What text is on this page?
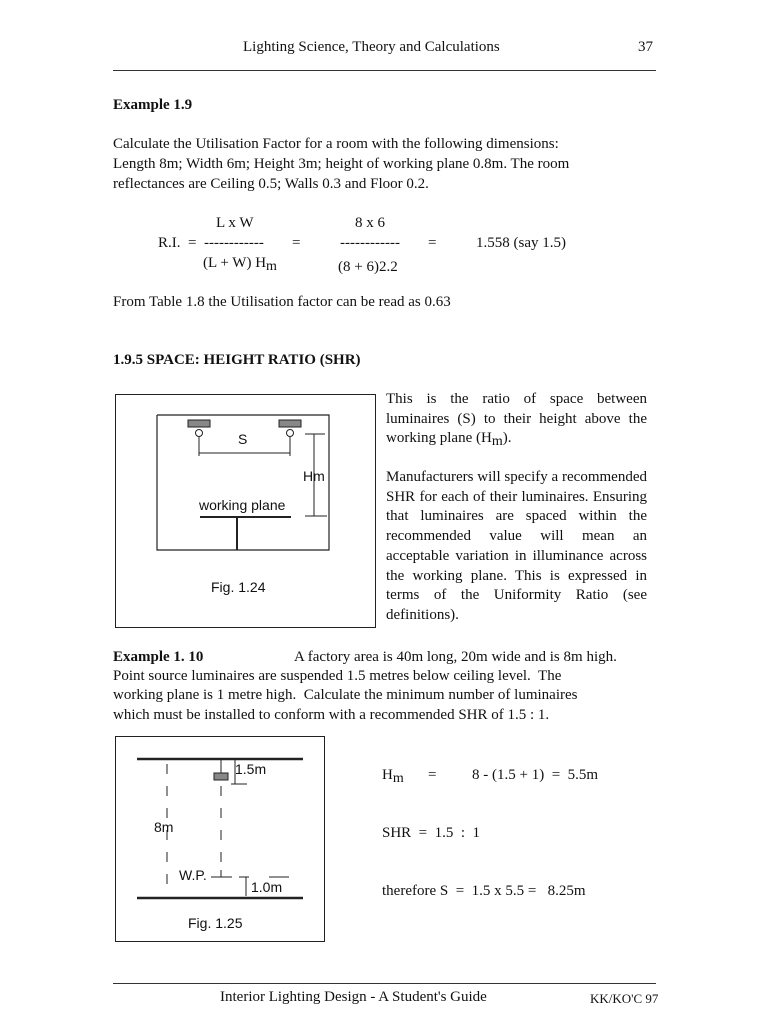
Lighting Science, Theory and Calculations	37
Example 1.9
Calculate the Utilisation Factor for a room with the following dimensions:
Length 8m; Width 6m; Height 3m; height of working plane 0.8m. The room
reflectances are Ceiling 0.5; Walls 0.3 and Floor 0.2.
L x W
R.I.  =  ------------ =
(L + W) $H_m$
8 x 6
------------
(8 + 6)2.2
=	1.558 (say 1.5)
From Table 1.8 the Utilisation factor can be read as 0.63
1.9.5 SPACE: HEIGHT RATIO (SHR)
S
Hm
working plane
Fig. 1.24
This is the ratio of space between luminaires (S) to their height above the working plane $(H_m)$.
Manufacturers will specify a recommended SHR for each of their luminaires. Ensuring that luminaires are spaced within the recommended value will mean an acceptable variation in illuminance across the working plane. This is expressed in terms of the Uniformity Ratio (see definitions).
Example 1. 10	A factory area is 40m long, 20m wide and is 8m high.
Point source luminaires are suspended 1.5 metres below ceiling level.  The
working plane is 1 metre high.  Calculate the minimum number of luminaires
which must be installed to conform with a recommended SHR of 1.5 : 1.
1.5m
8m
W.P.
1.0m
Fig. 1.25
$H_m = 8 - (1.5 + 1) = 5.5m$
SHR  =  1.5  :  1
therefore S  =  1.5 x 5.5 =   8.25m
Interior Lighting Design - A Student's Guide	KK/KO'C 97
